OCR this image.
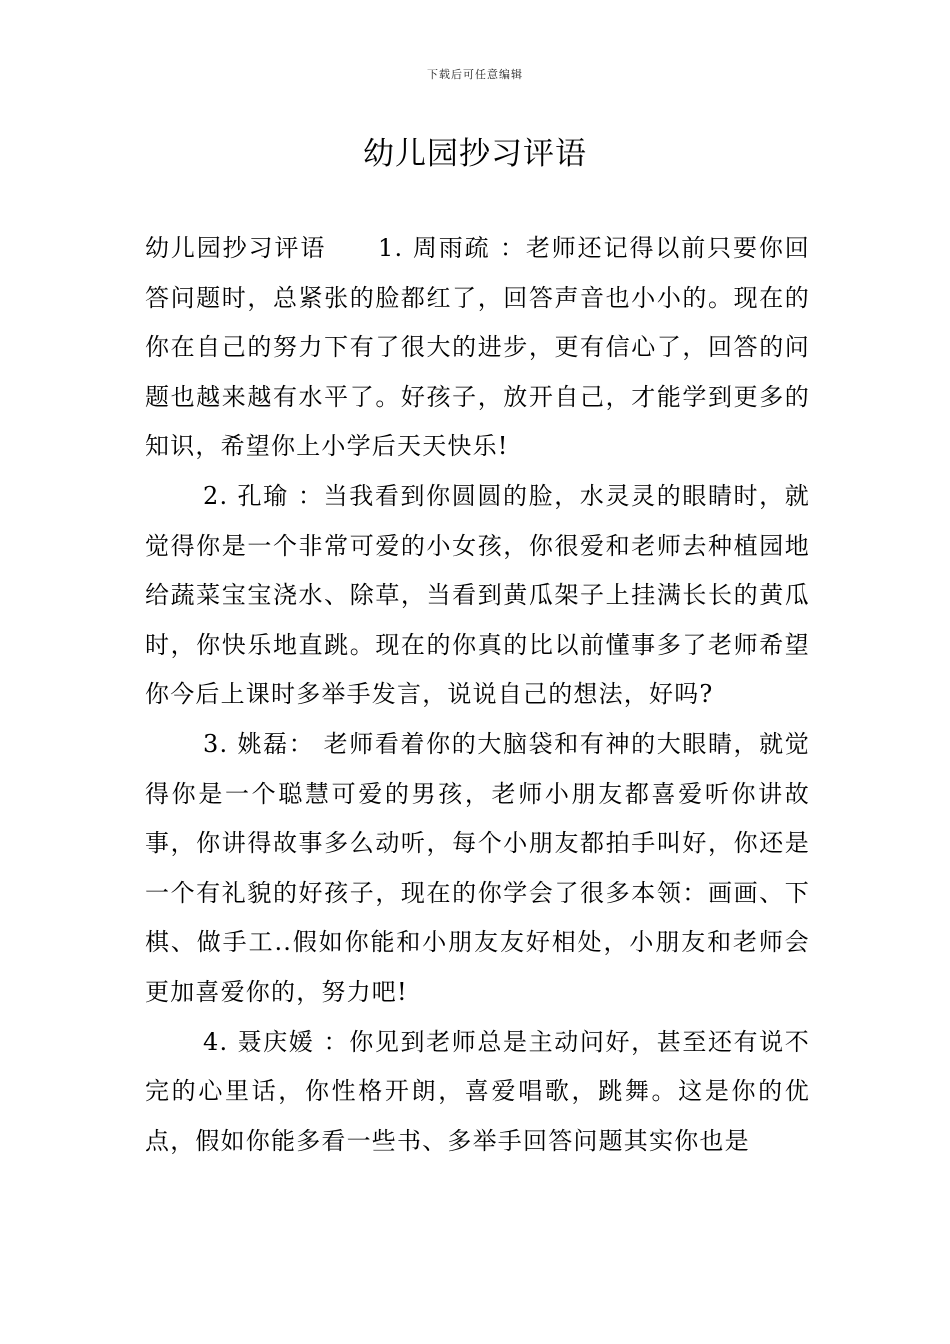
下载后可任意编辑
幼儿园抄习评语

幼儿园抄习评语　　1. 周雨疏 ：老师还记得以前只要你回答问题时，总紧张的脸都红了，回答声音也小小的。现在的你在自己的努力下有了很大的进步，更有信心了，回答的问题也越来越有水平了。好孩子，放开自己，才能学到更多的知识，希望你上小学后天天快乐!

2. 孔瑜 ：当我看到你圆圆的脸，水灵灵的眼睛时，就觉得你是一个非常可爱的小女孩，你很爱和老师去种植园地给蔬菜宝宝浇水、除草，当看到黄瓜架子上挂满长长的黄瓜时，你快乐地直跳。现在的你真的比以前懂事多了老师希望你今后上课时多举手发言，说说自己的想法，好吗?

3. 姚磊： 老师看着你的大脑袋和有神的大眼睛，就觉得你是一个聪慧可爱的男孩，老师小朋友都喜爱听你讲故事，你讲得故事多么动听，每个小朋友都拍手叫好，你还是一个有礼貌的好孩子，现在的你学会了很多本领：画画、下棋、做手工..假如你能和小朋友友好相处，小朋友和老师会更加喜爱你的，努力吧!

4. 聂庆媛 ：你见到老师总是主动问好，甚至还有说不完的心里话，你性格开朗，喜爱唱歌，跳舞。这是你的优点，假如你能多看一些书、多举手回答问题其实你也是
